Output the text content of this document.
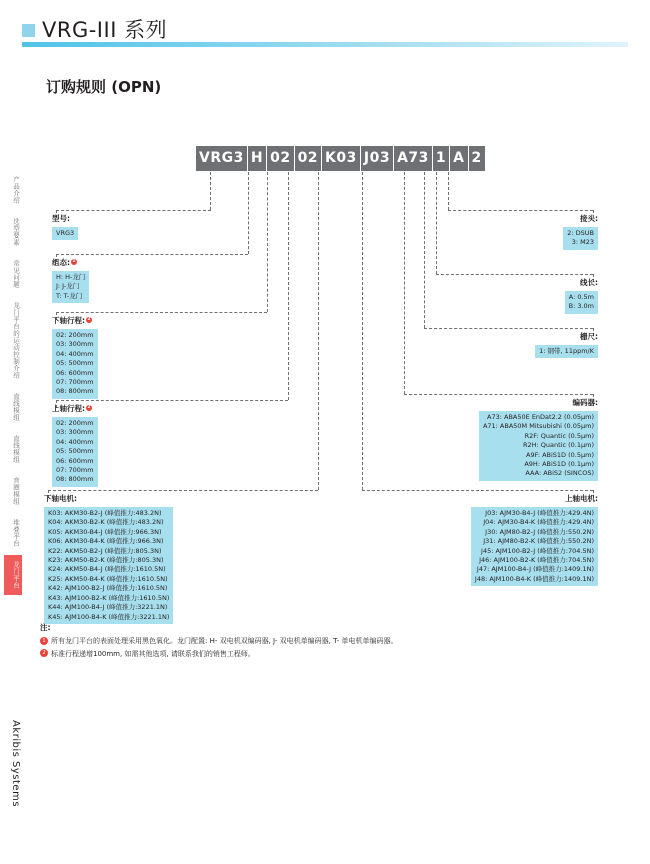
VRG-III 系列
订购规则 (OPN)
产品介绍
选型要素
常见问题
龙门平台的运动控制介绍
直线模组
直线模组
音圈模组
堆叠平台
龙门平台
Akribis Systems
VRG3 H 02 02 K03 J03 A73 1 A 2
型号:
VRG3
组态: 1
H: H-龙门
J: J-龙门
T: T-龙门
下轴行程: 2
02: 200mm
03: 300mm
04: 400mm
05: 500mm
06: 600mm
07: 700mm
08: 800mm
上轴行程: 2
02: 200mm
03: 300mm
04: 400mm
05: 500mm
06: 600mm
07: 700mm
08: 800mm
下轴电机:
K03: AKM30-B2-J (峰值推力:483.2N)
K04: AKM30-B2-K (峰值推力:483.2N)
K05: AKM30-B4-J (峰值推力:966.3N)
K06: AKM30-B4-K (峰值推力:966.3N)
K22: AKM50-B2-J (峰值推力:805.3N)
K23: AKM50-B2-K (峰值推力:805.3N)
K24: AKM50-B4-J (峰值推力:1610.5N)
K25: AKM50-B4-K (峰值推力:1610.5N)
K42: AJM100-B2-J (峰值推力:1610.5N)
K43: AJM100-B2-K (峰值推力:1610.5N)
K44: AJM100-B4-J (峰值推力:3221.1N)
K45: AJM100-B4-K (峰值推力:3221.1N)
接头:
2: DSUB
3: M23
线长:
A: 0.5m
B: 3.0m
栅尺:
1: 钢带, 11ppm/K
编码器:
A73: ABA50E EnDat2.2 (0.05µm)
A71: ABA50M Mitsubishi (0.05µm)
R2F: Quantic (0.5µm)
R2H: Quantic (0.1µm)
A9F: ABiS1D (0.5µm)
A9H: ABiS1D (0.1µm)
AAA: ABiS2 (SINCOS)
上轴电机:
J03: AJM30-B4-J (峰值推力:429.4N)
J04: AJM30-B4-K (峰值推力:429.4N)
J30: AJM80-B2-J (峰值推力:550.2N)
J31: AJM80-B2-K (峰值推力:550.2N)
J45: AJM100-B2-J (峰值推力:704.5N)
J46: AJM100-B2-K (峰值推力:704.5N)
J47: AJM100-B4-J (峰值推力:1409.1N)
J48: AJM100-B4-K (峰值推力:1409.1N)
注:
1 所有龙门平台的表面处理采用黑色氧化。龙门配置: H- 双电机双编码器, J- 双电机单编码器, T- 单电机单编码器。
2 标准行程递增100mm, 如需其他选项, 请联系我们的销售工程师。
